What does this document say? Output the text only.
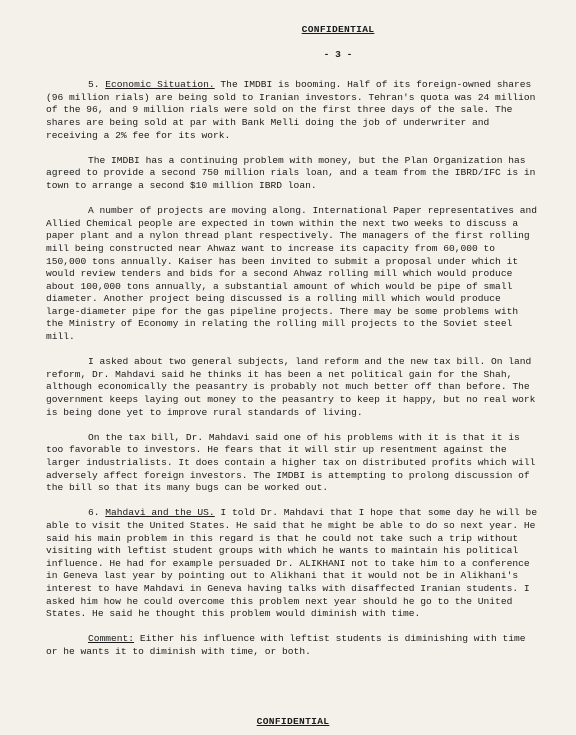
CONFIDENTIAL
- 3 -

5. Economic Situation. The IMDBI is booming. Half of its foreign-owned shares (96 million rials) are being sold to Iranian investors. Tehran's quota was 24 million of the 96, and 9 million rials were sold on the first three days of the sale. The shares are being sold at par with Bank Melli doing the job of underwriter and receiving a 2% fee for its work.

The IMDBI has a continuing problem with money, but the Plan Organization has agreed to provide a second 750 million rials loan, and a team from the IBRD/IFC is in town to arrange a second $10 million IBRD loan.

A number of projects are moving along. International Paper representatives and Allied Chemical people are expected in town within the next two weeks to discuss a paper plant and a nylon thread plant respectively. The managers of the first rolling mill being constructed near Ahwaz want to increase its capacity from 60,000 to 150,000 tons annually. Kaiser has been invited to submit a proposal under which it would review tenders and bids for a second Ahwaz rolling mill which would produce about 100,000 tons annually, a substantial amount of which would be pipe of small diameter. Another project being discussed is a rolling mill which would produce large-diameter pipe for the gas pipeline projects. There may be some problems with the Ministry of Economy in relating the rolling mill projects to the Soviet steel mill.

I asked about two general subjects, land reform and the new tax bill. On land reform, Dr. Mahdavi said he thinks it has been a net political gain for the Shah, although economically the peasantry is probably not much better off than before. The government keeps laying out money to the peasantry to keep it happy, but no real work is being done yet to improve rural standards of living.

On the tax bill, Dr. Mahdavi said one of his problems with it is that it is too favorable to investors. He fears that it will stir up resentment against the larger industrialists. It does contain a higher tax on distributed profits which will adversely affect foreign investors. The IMDBI is attempting to prolong discussion of the bill so that its many bugs can be worked out.

6. Mahdavi and the US. I told Dr. Mahdavi that I hope that some day he will be able to visit the United States. He said that he might be able to do so next year. He said his main problem in this regard is that he could not take such a trip without visiting with leftist student groups with which he wants to maintain his political influence. He had for example persuaded Dr. ALIKHANI not to take him to a conference in Geneva last year by pointing out to Alikhani that it would not be in Alikhani's interest to have Mahdavi in Geneva having talks with disaffected Iranian students. I asked him how he could overcome this problem next year should he go to the United States. He said he thought this problem would diminish with time.

Comment: Either his influence with leftist students is diminishing with time or he wants it to diminish with time, or both.

CONFIDENTIAL
